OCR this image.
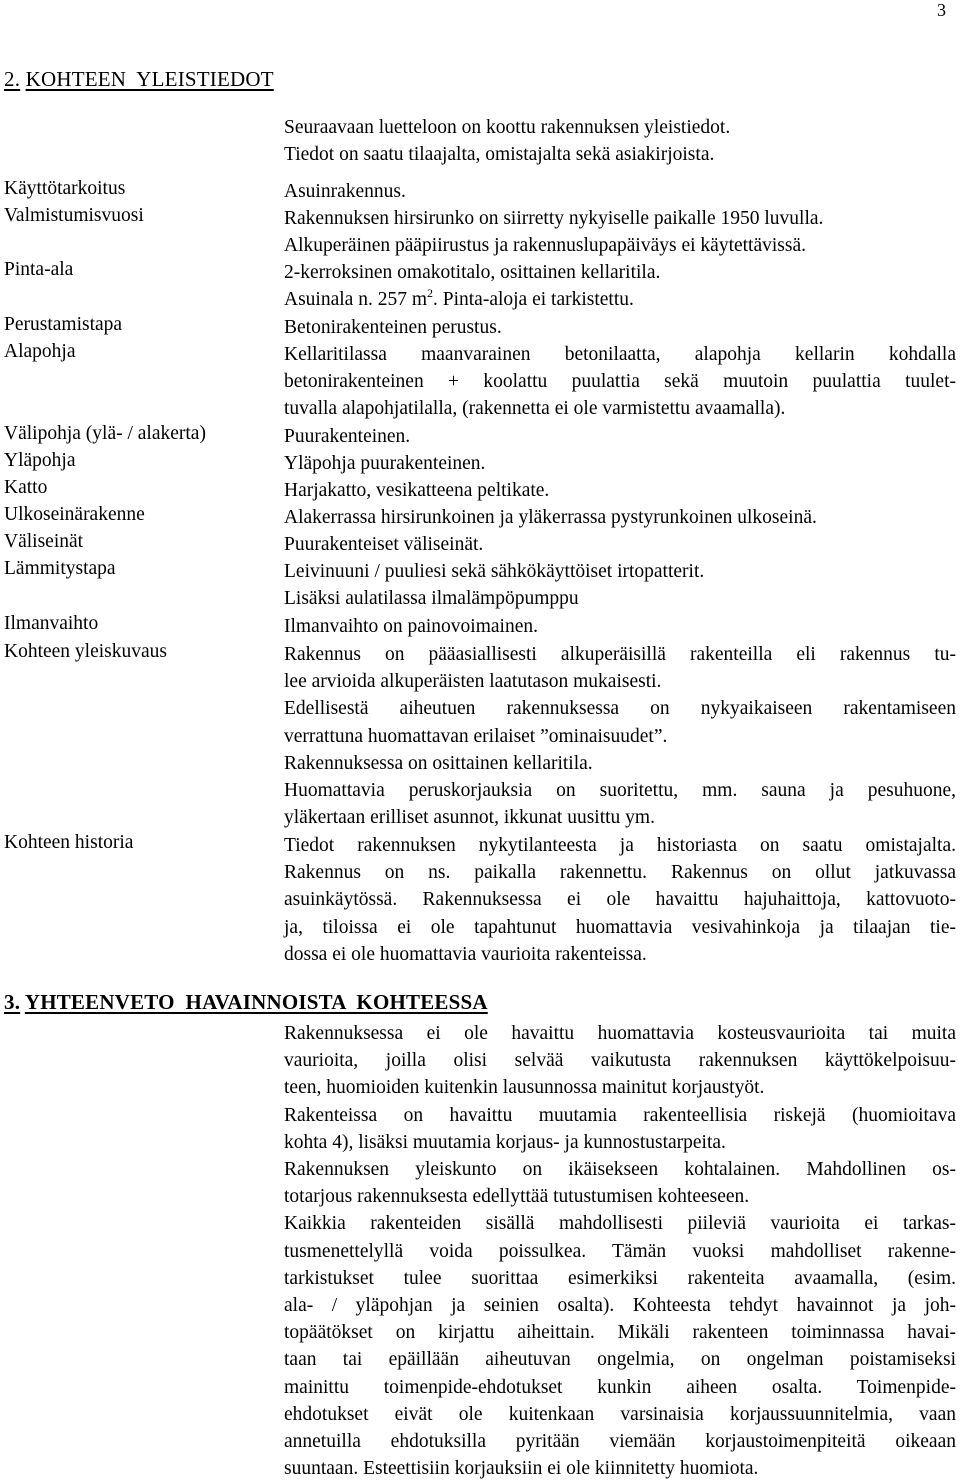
3
2. KOHTEEN  YLEISTIEDOT
Seuraavaan luetteloon on koottu rakennuksen yleistiedot.
Tiedot on saatu tilaajalta, omistajalta sekä asiakirjoista.
Käyttötarkoitus	Asuinrakennus.
Valmistumisvuosi	Rakennuksen hirsirunko on siirretty nykyiselle paikalle 1950 luvulla.
Alkuperäinen pääpiirustus ja rakennuslupapäiväys ei käytettävissä.
Pinta-ala	2-kerroksinen omakotitalo, osittainen kellaritila.
Asuinala n. 257 $m^2$. Pinta-aloja ei tarkistettu.
Perustamistapa	Betonirakenteinen perustus.
Alapohja	Kellaritilassa maanvarainen betonilaatta, alapohja kellarin kohdalla
betonirakenteinen + koolattu puulattia sekä muutoin puulattia tuulet-
tuvalla alapohjatilalla, (rakennetta ei ole varmistettu avaamalla).
Välipohja (ylä- / alakerta)	Puurakenteinen.
Yläpohja	Yläpohja puurakenteinen.
Katto	Harjakatto, vesikatteena peltikate.
Ulkoseinärakenne	Alakerrassa hirsirunkoinen ja yläkerrassa pystyrunkoinen ulkoseinä.
Väliseinät	Puurakenteiset väliseinät.
Lämmitystapa	Leivinuuni / puuliesi sekä sähkökäyttöiset irtopatterit.
Lisäksi aulatilassa ilmalämpöpumppu
Ilmanvaihto	Ilmanvaihto on painovoimainen.
Kohteen yleiskuvaus	Rakennus on pääasiallisesti alkuperäisillä rakenteilla eli rakennus tu-
lee arvioida alkuperäisten laatutason mukaisesti.
Edellisestä aiheutuen rakennuksessa on nykyaikaiseen rakentamiseen
verrattuna huomattavan erilaiset ”ominaisuudet”.
Rakennuksessa on osittainen kellaritila.
Huomattavia peruskorjauksia on suoritettu, mm. sauna ja pesuhuone,
yläkertaan erilliset asunnot, ikkunat uusittu ym.
Kohteen historia	Tiedot rakennuksen nykytilanteesta ja historiasta on saatu omistajalta.
Rakennus on ns. paikalla rakennettu. Rakennus on ollut jatkuvassa
asuinkäytössä. Rakennuksessa ei ole havaittu hajuhaittoja, kattovuoto-
ja, tiloissa ei ole tapahtunut huomattavia vesivahinkoja ja tilaajan tie-
dossa ei ole huomattavia vaurioita rakenteissa.
3. YHTEENVETO  HAVAINNOISTA  KOHTEESSA
Rakennuksessa ei ole havaittu huomattavia kosteusvaurioita tai muita
vaurioita, joilla olisi selvää vaikutusta rakennuksen käyttökelpoisuu-
teen, huomioiden kuitenkin lausunnossa mainitut korjaustyöt.
Rakenteissa on havaittu muutamia rakenteellisia riskejä (huomioitava
kohta 4), lisäksi muutamia korjaus- ja kunnostustarpeita.
Rakennuksen yleiskunto on ikäisekseen kohtalainen. Mahdollinen os-
totarjous rakennuksesta edellyttää tutustumisen kohteeseen.
Kaikkia rakenteiden sisällä mahdollisesti piileviä vaurioita ei tarkas-
tusmenettelyllä voida poissulkea. Tämän vuoksi mahdolliset rakenne-
tarkistukset tulee suorittaa esimerkiksi rakenteita avaamalla, (esim.
ala- / yläpohjan ja seinien osalta). Kohteesta tehdyt havainnot ja joh-
topäätökset on kirjattu aiheittain. Mikäli rakenteen toiminnassa havai-
taan tai epäillään aiheutuvan ongelmia, on ongelman poistamiseksi
mainittu toimenpide-ehdotukset kunkin aiheen osalta. Toimenpide-
ehdotukset eivät ole kuitenkaan varsinaisia korjaussuunnitelmia, vaan
annetuilla ehdotuksilla pyritään viemään korjaustoimenpiteitä oikeaan
suuntaan. Esteettisiin korjauksiin ei ole kiinnitetty huomiota.
